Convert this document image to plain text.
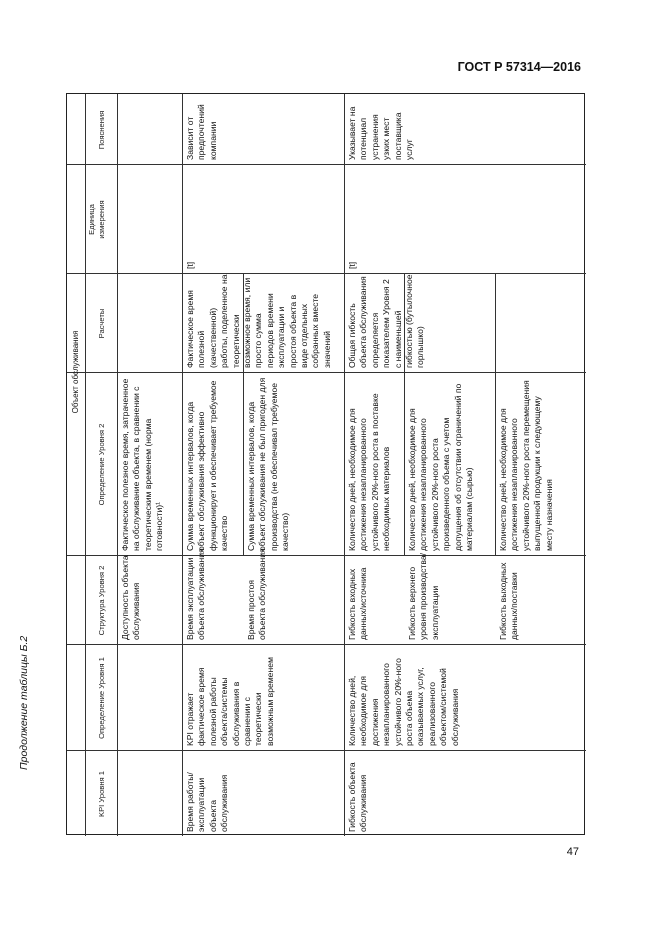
ГОСТ Р 57314—2016
Продолжение таблицы Б.2
47
Объект обслуживания
KPI Уровня 1
Определение Уровня 1
Структура Уровня 2
Определение Уровня 2
Расчеты
Единица измерения
Пояснения
Доступность объекта обслуживания
Фактическое полезное время, затраченное на обслуживание объекта, в сравнении с теоретическим временем (норма готовности)¹
Время работы/эксплуатации объекта обслуживания
KPI отражает фактическое время полезной работы объекта/системы обслуживания в сравнении с теоретически возможным временем
Время эксплуатации объекта обслуживания
Сумма временных интервалов, когда объект обслуживания эффективно функционирует и обеспечивает требуемое качество
Время простоя объекта обслуживания
Сумма временных интервалов, когда объект обслуживания не был пригоден для производства (не обеспечивал требуемое качество)
Фактическое время полезной (качественной) работы, поделенное на теоретически возможное время, или просто сумма периодов времени эксплуатации и простоя объекта в виде отдельных собранных вместе значений
[t]
Зависит от предпочтений компании
Гибкость объекта обслуживания
Количество дней, необходимое для достижения незапланированного устойчивого 20%-ного роста объема оказываемых услуг, реализованного объектом/системой обслуживания
Гибкость входных данных/источника
Количество дней, необходимое для достижения незапланированного устойчивого 20%-ного роста в поставке необходимых материалов
Гибкость верхнего уровня производства/эксплуатации
Количество дней, необходимое для достижения незапланированного устойчивого 20%-ного роста произведенного объема с учетом допущения об отсутствии ограничений по материалам (сырью)
Гибкость выходных данных/поставки
Количество дней, необходимое для достижения незапланированного устойчивого 20%-ного роста перемещения выпущенной продукции к следующему месту назначения
Общая гибкость объекта обслуживания определяется показателем Уровня 2 с наименьшей гибкостью (бутылочное горлышко)
[t]
Указывает на потенциал устранения узких мест поставщика услуг
